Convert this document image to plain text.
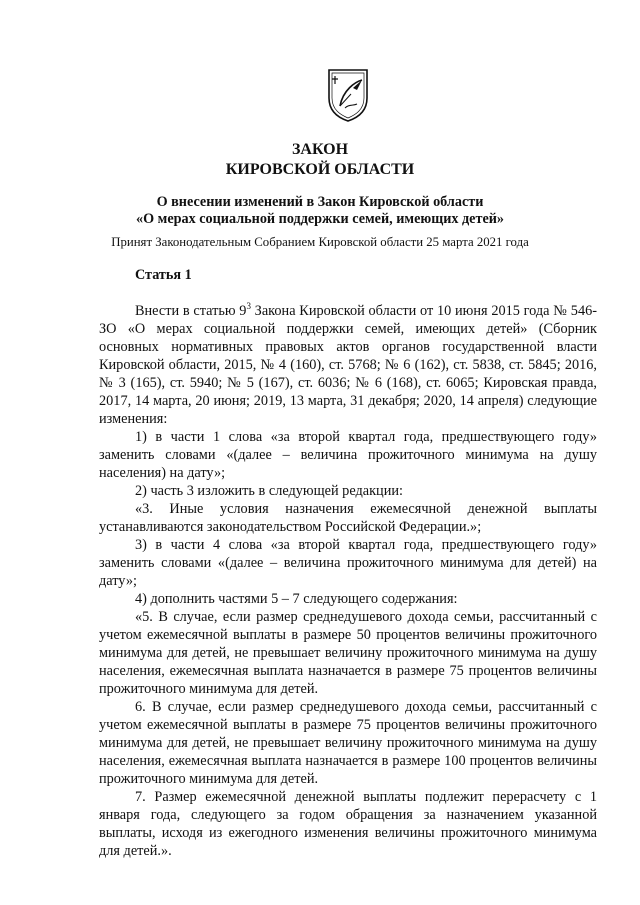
ЗАКОН
КИРОВСКОЙ ОБЛАСТИ
О внесении изменений в Закон Кировской области
«О мерах социальной поддержки семей, имеющих детей»
Принят Законодательным Собранием Кировской области 25 марта 2021 года
Статья 1

Внести в статью $9^3$ Закона Кировской области от 10 июня 2015 года № 546-ЗО «О мерах социальной поддержки семей, имеющих детей» (Сборник основных нормативных правовых актов органов государственной власти Кировской области, 2015, № 4 (160), ст. 5768; № 6 (162), ст. 5838, ст. 5845; 2016, № 3 (165), ст. 5940; № 5 (167), ст. 6036; № 6 (168), ст. 6065; Кировская правда, 2017, 14 марта, 20 июня; 2019, 13 марта, 31 декабря; 2020, 14 апреля) следующие изменения:

1) в части 1 слова «за второй квартал года, предшествующего году» заменить словами «(далее – величина прожиточного минимума на душу населения) на дату»;

2) часть 3 изложить в следующей редакции:

«3. Иные условия назначения ежемесячной денежной выплаты устанавливаются законодательством Российской Федерации.»;

3) в части 4 слова «за второй квартал года, предшествующего году» заменить словами «(далее – величина прожиточного минимума для детей) на дату»;

4) дополнить частями 5 – 7 следующего содержания:

«5. В случае, если размер среднедушевого дохода семьи, рассчитанный с учетом ежемесячной выплаты в размере 50 процентов величины прожиточного минимума для детей, не превышает величину прожиточного минимума на душу населения, ежемесячная выплата назначается в размере 75 процентов величины прожиточного минимума для детей.

6. В случае, если размер среднедушевого дохода семьи, рассчитанный с учетом ежемесячной выплаты в размере 75 процентов величины прожиточного минимума для детей, не превышает величину прожиточного минимума на душу населения, ежемесячная выплата назначается в размере 100 процентов величины прожиточного минимума для детей.

7. Размер ежемесячной денежной выплаты подлежит перерасчету с 1 января года, следующего за годом обращения за назначением указанной выплаты, исходя из ежегодного изменения величины прожиточного минимума для детей.».
